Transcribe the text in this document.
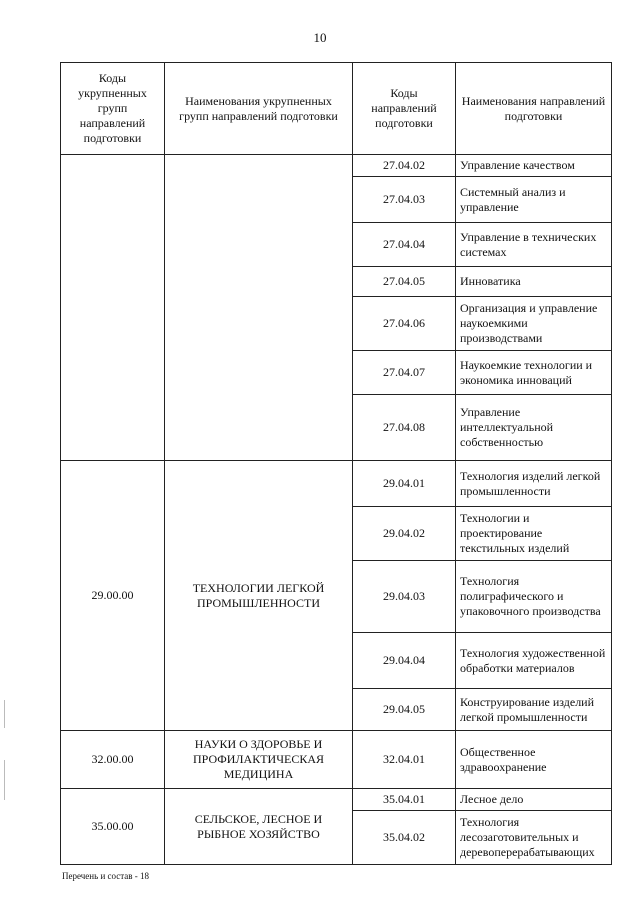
10
Коды укрупненных групп направлений подготовки	Наименования укрупненных групп направлений подготовки	Коды направлений подготовки	Наименования направлений подготовки
		27.04.02	Управление качеством
		27.04.03	Системный анализ и управление
		27.04.04	Управление в технических системах
		27.04.05	Инноватика
		27.04.06	Организация и управление наукоемкими производствами
		27.04.07	Наукоемкие технологии и экономика инноваций
		27.04.08	Управление интеллектуальной собственностью
29.00.00	ТЕХНОЛОГИИ ЛЕГКОЙ ПРОМЫШЛЕННОСТИ	29.04.01	Технология изделий легкой промышленности
		29.04.02	Технологии и проектирование текстильных изделий
		29.04.03	Технология полиграфического и упаковочного производства
		29.04.04	Технология художественной обработки материалов
		29.04.05	Конструирование изделий легкой промышленности
32.00.00	НАУКИ О ЗДОРОВЬЕ И ПРОФИЛАКТИЧЕСКАЯ МЕДИЦИНА	32.04.01	Общественное здравоохранение
35.00.00	СЕЛЬСКОЕ, ЛЕСНОЕ И РЫБНОЕ ХОЗЯЙСТВО	35.04.01	Лесное дело
		35.04.02	Технология лесозаготовительных и деревоперерабатывающих
Перечень и состав - 18
